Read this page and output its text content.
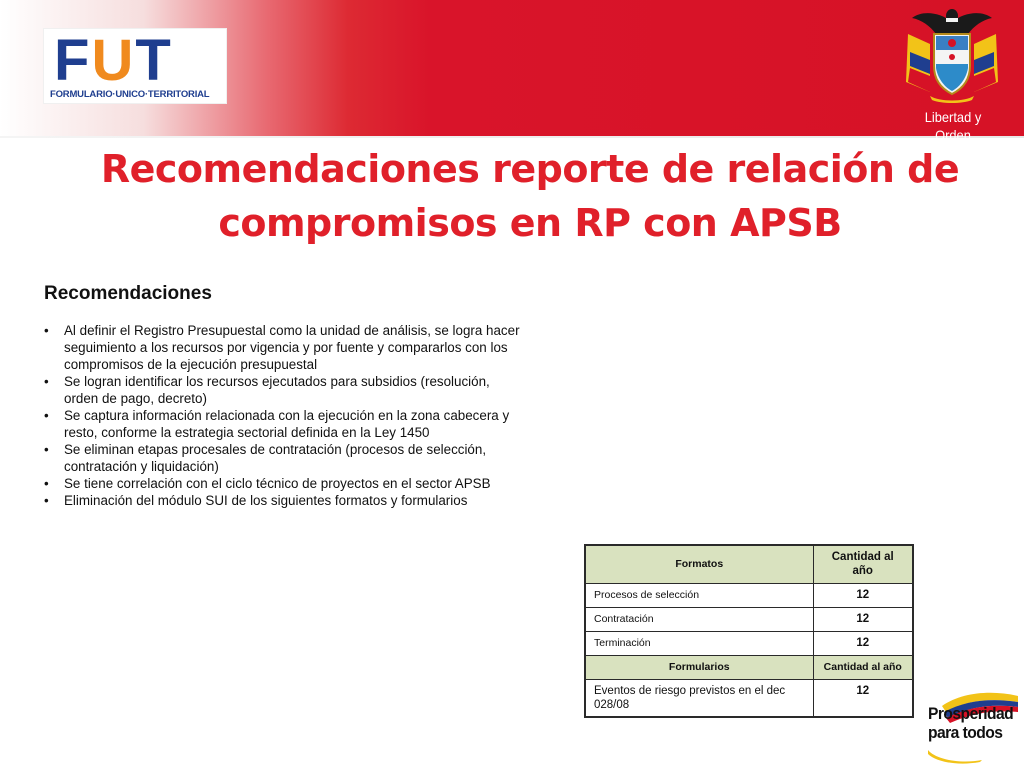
FUT
FORMULARIO·UNICO·TERRITORIAL
Libertad y Orden
Recomendaciones reporte de relación de
compromisos en RP con APSB
Recomendaciones
•	Al definir el Registro Presupuestal como la unidad de análisis, se logra hacer seguimiento a los recursos por vigencia y por fuente y compararlos con los compromisos de la ejecución presupuestal
•	Se logran identificar los recursos ejecutados para subsidios (resolución, orden de pago, decreto)
•	Se captura información relacionada con la ejecución en la zona cabecera y resto, conforme la estrategia sectorial definida en la Ley 1450
•	Se eliminan etapas procesales de contratación (procesos de selección, contratación y liquidación)
•	Se tiene correlación con el ciclo técnico de proyectos en el sector APSB
•	Eliminación del módulo SUI de los siguientes formatos y formularios
Formatos	Cantidad al año
Procesos de selección	12
Contratación	12
Terminación	12
Formularios	Cantidad al año
Eventos de riesgo previstos en el dec 028/08	12
Prosperidad
para todos
